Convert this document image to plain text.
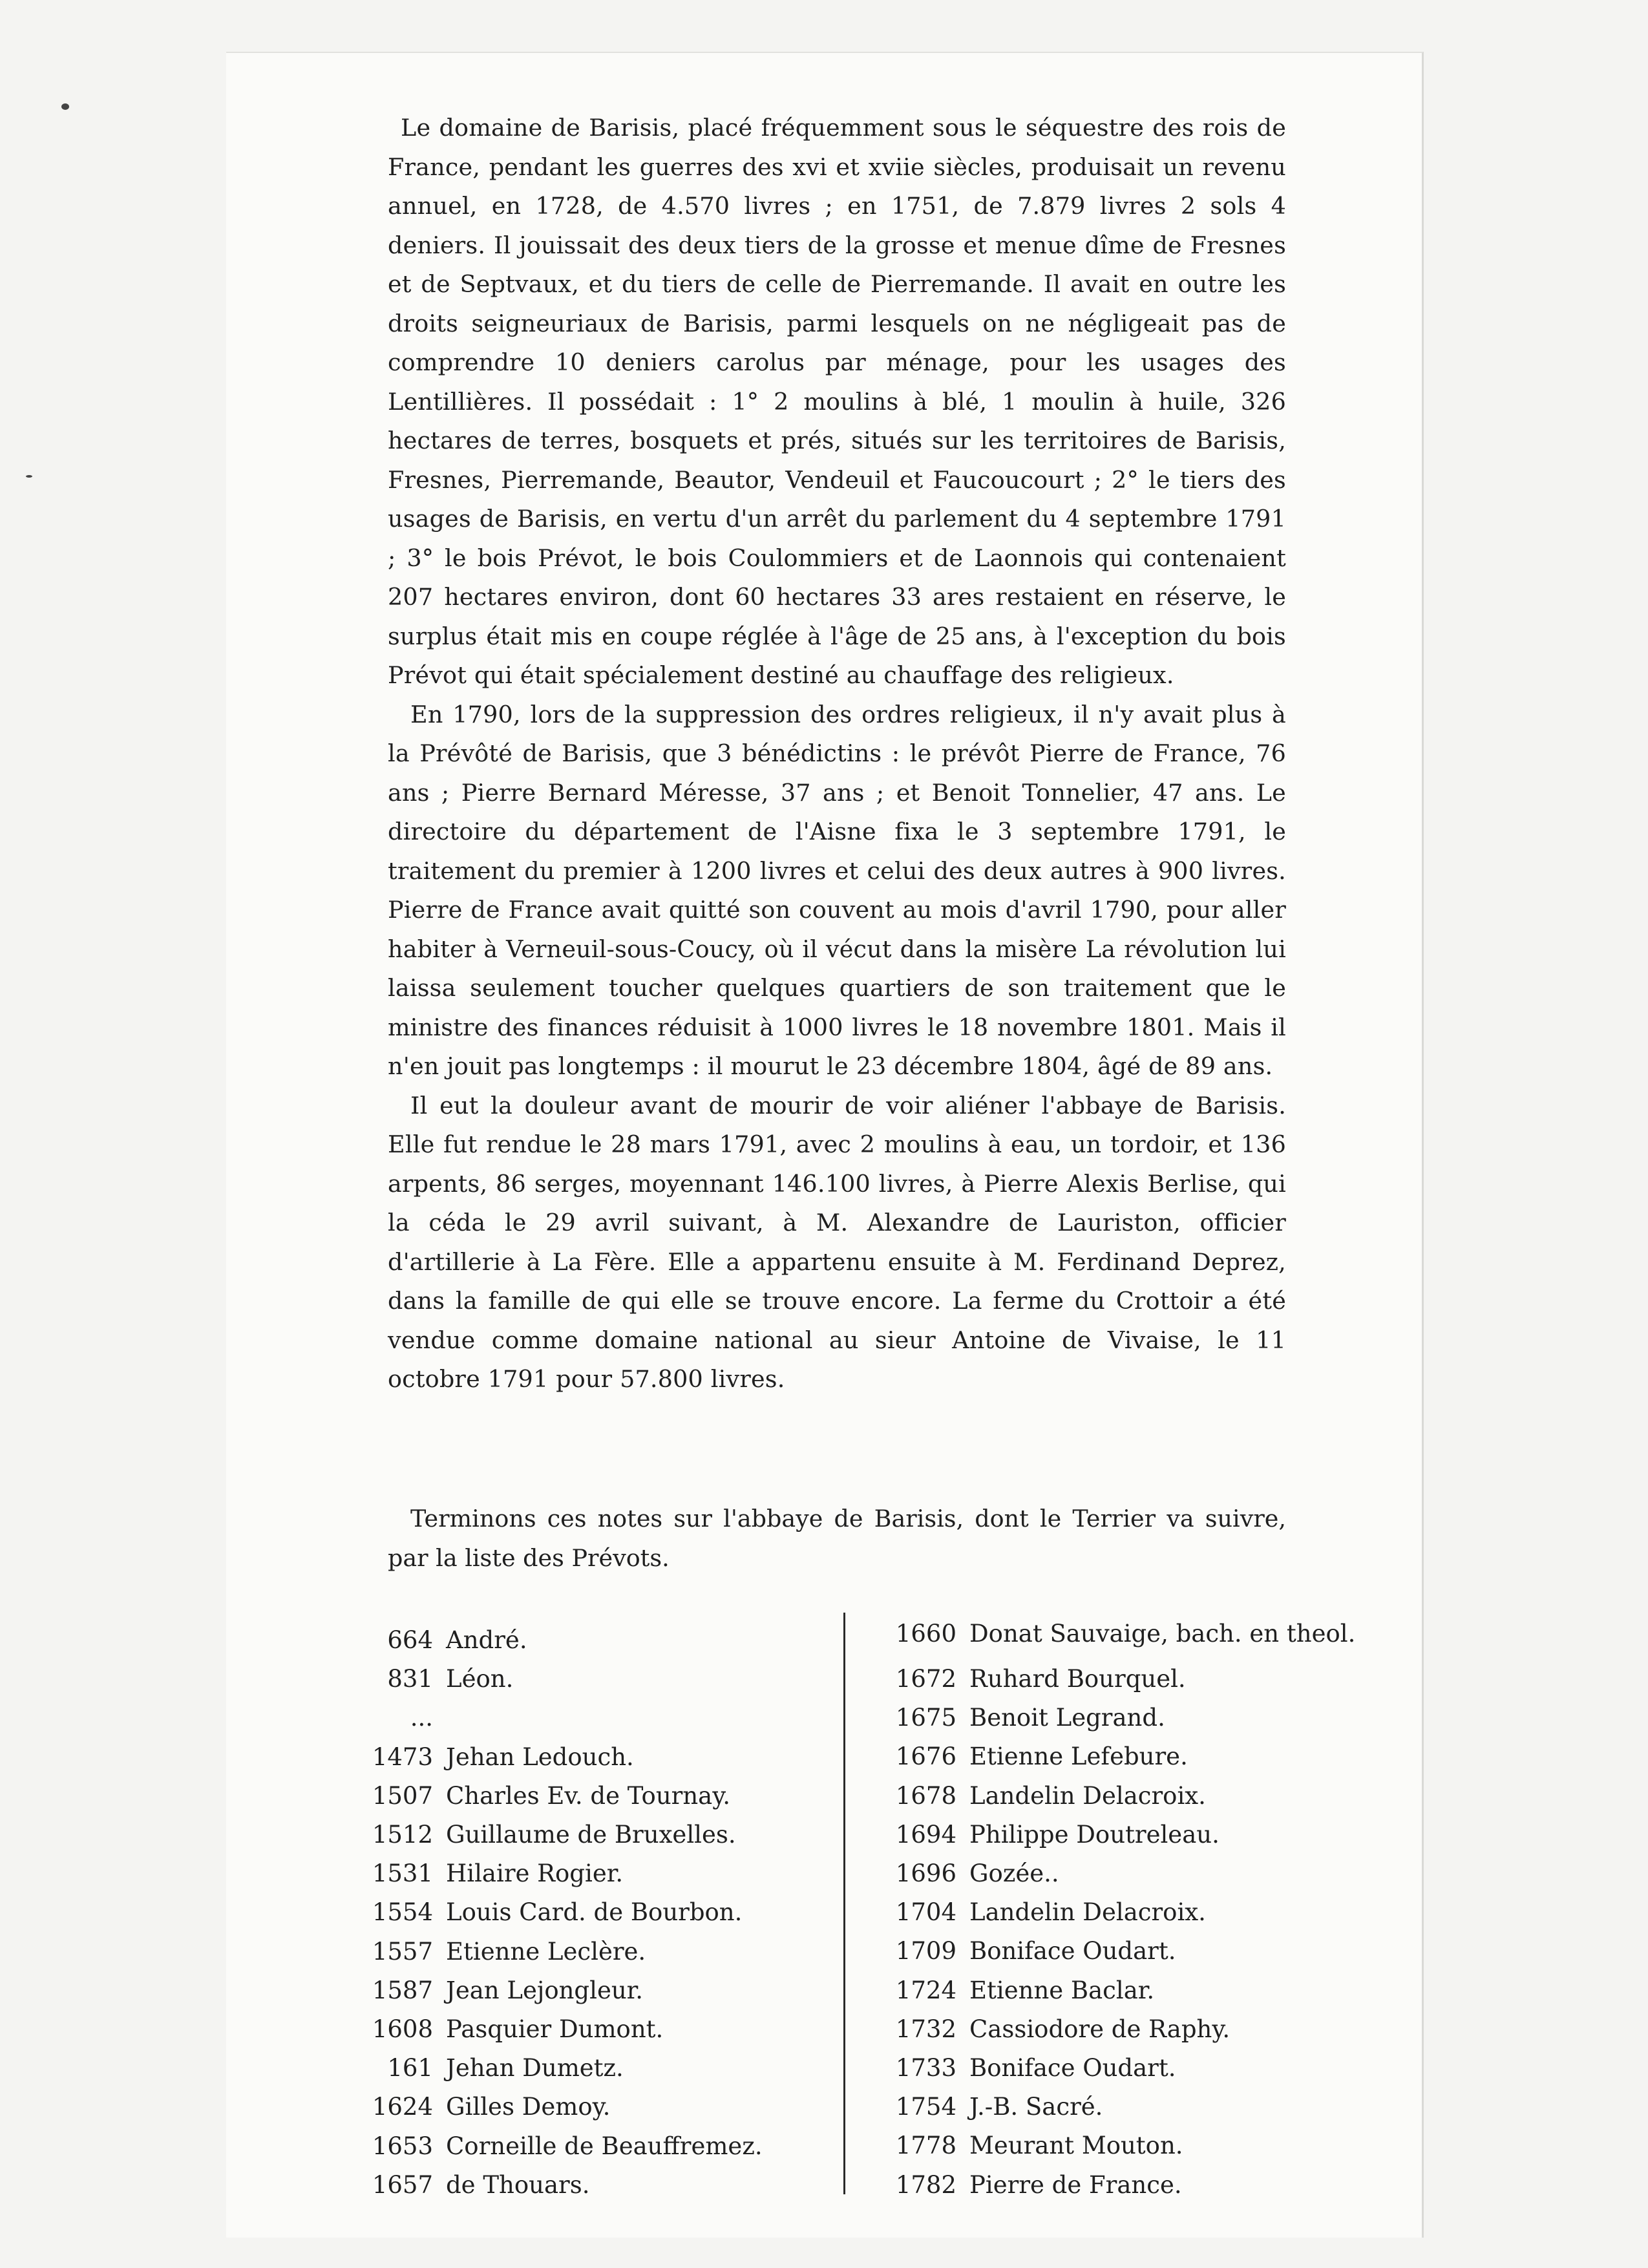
Le domaine de Barisis, placé fréquemment sous le séquestre des rois de France, pendant les guerres des xvi et xviie siècles, produisait un revenu annuel, en 1728, de 4.570 livres ; en 1751, de 7.879 livres 2 sols 4 deniers. Il jouissait des deux tiers de la grosse et menue dîme de Fresnes et de Septvaux, et du tiers de celle de Pierremande. Il avait en outre les droits seigneuriaux de Barisis, parmi lesquels on ne négligeait pas de comprendre 10 deniers carolus par ménage, pour les usages des Lentillières. Il possédait : 1° 2 moulins à blé, 1 moulin à huile, 326 hectares de terres, bosquets et prés, situés sur les territoires de Barisis, Fresnes, Pierremande, Beautor, Vendeuil et Faucoucourt ; 2° le tiers des usages de Barisis, en vertu d'un arrêt du parlement du 4 septembre 1791 ; 3° le bois Prévot, le bois Coulommiers et de Laonnois qui contenaient 207 hectares environ, dont 60 hectares 33 ares restaient en réserve, le surplus était mis en coupe réglée à l'âge de 25 ans, à l'exception du bois Prévot qui était spécialement destiné au chauffage des religieux.

En 1790, lors de la suppression des ordres religieux, il n'y avait plus à la Prévôté de Barisis, que 3 bénédictins : le prévôt Pierre de France, 76 ans ; Pierre Bernard Méresse, 37 ans ; et Benoit Tonnelier, 47 ans. Le directoire du département de l'Aisne fixa le 3 septembre 1791, le traitement du premier à 1200 livres et celui des deux autres à 900 livres. Pierre de France avait quitté son couvent au mois d'avril 1790, pour aller habiter à Verneuil-sous-Coucy, où il vécut dans la misère La révolution lui laissa seulement toucher quelques quartiers de son traitement que le ministre des finances réduisit à 1000 livres le 18 novembre 1801. Mais il n'en jouit pas longtemps : il mourut le 23 décembre 1804, âgé de 89 ans.

Il eut la douleur avant de mourir de voir aliéner l'abbaye de Barisis. Elle fut rendue le 28 mars 1791, avec 2 moulins à eau, un tordoir, et 136 arpents, 86 serges, moyennant 146.100 livres, à Pierre Alexis Berlise, qui la céda le 29 avril suivant, à M. Alexandre de Lauriston, officier d'artillerie à La Fère. Elle a appartenu ensuite à M. Ferdinand Deprez, dans la famille de qui elle se trouve encore. La ferme du Crottoir a été vendue comme domaine national au sieur Antoine de Vivaise, le 11 octobre 1791 pour 57.800 livres.

Terminons ces notes sur l'abbaye de Barisis, dont le Terrier va suivre, par la liste des Prévots.
664 André.
831 Léon.
...
1473 Jehan Ledouch.
1507 Charles Ev. de Tournay.
1512 Guillaume de Bruxelles.
1531 Hilaire Rogier.
1554 Louis Card. de Bourbon.
1557 Etienne Leclère.
1587 Jean Lejongleur.
1608 Pasquier Dumont.
161 Jehan Dumetz.
1624 Gilles Demoy.
1653 Corneille de Beauffremez.
1657 de Thouars.
1660 Donat Sauvaige, bach. en theol.
1672 Ruhard Bourquel.
1675 Benoit Legrand.
1676 Etienne Lefebure.
1678 Landelin Delacroix.
1694 Philippe Doutreleau.
1696 Gozée..
1704 Landelin Delacroix.
1709 Boniface Oudart.
1724 Etienne Baclar.
1732 Cassiodore de Raphy.
1733 Boniface Oudart.
1754 J.-B. Sacré.
1778 Meurant Mouton.
1782 Pierre de France.
